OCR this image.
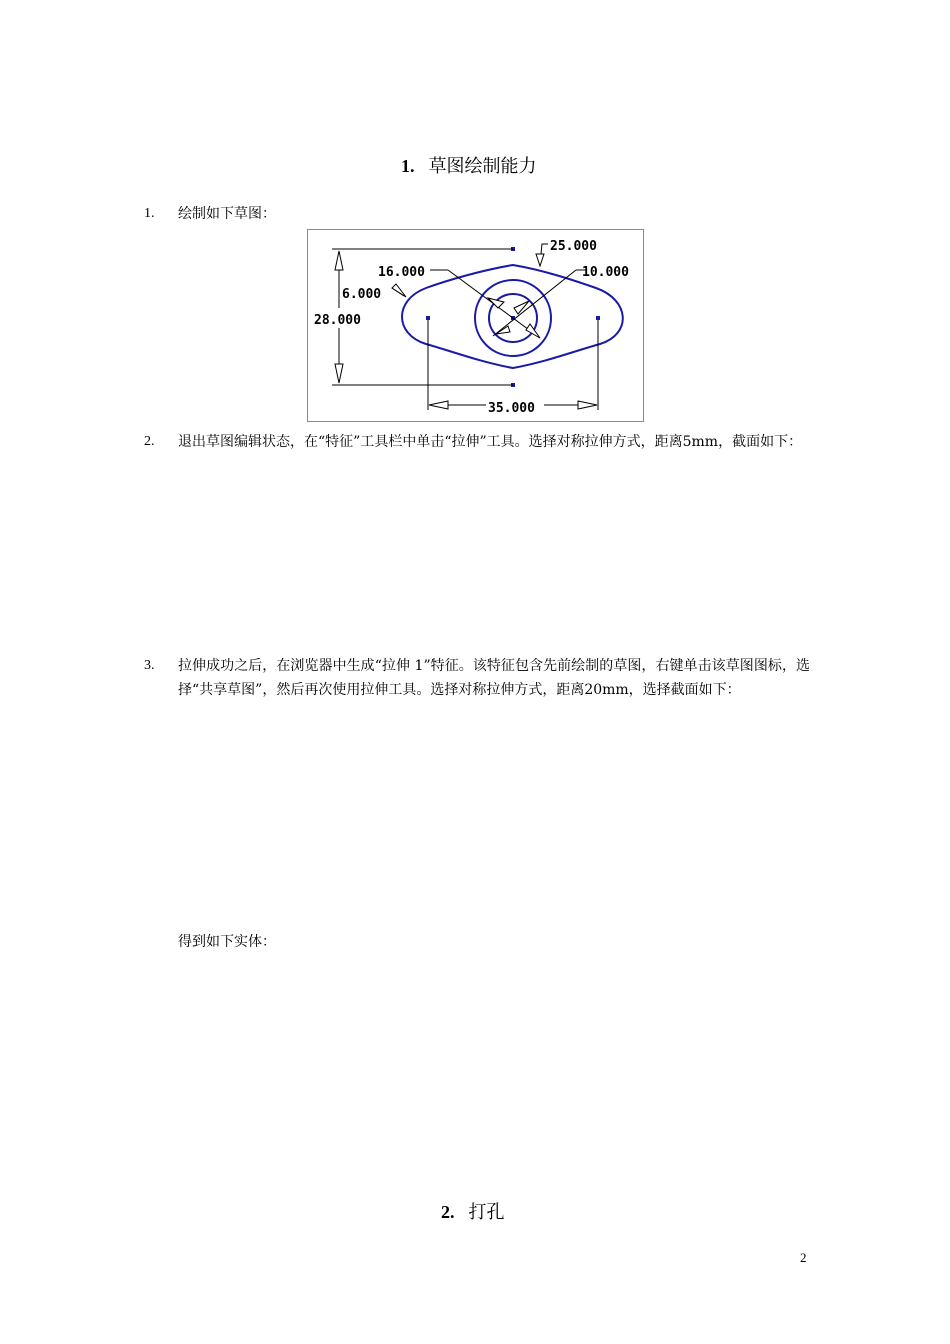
1. 草图绘制能力
1. 绘制如下草图：
28.000
35.000
25.000
16.000	10.000
6.000
2. 退出草图编辑状态，在“特征”工具栏中单击“拉伸”工具。选择对称拉伸方式，距离5mm，截面如下：
3. 拉伸成功之后，在浏览器中生成“拉伸 1”特征。该特征包含先前绘制的草图，右键单击该草图图标，选择“共享草图”，然后再次使用拉伸工具。选择对称拉伸方式，距离20mm，选择截面如下：
得到如下实体：
2. 打孔
2
